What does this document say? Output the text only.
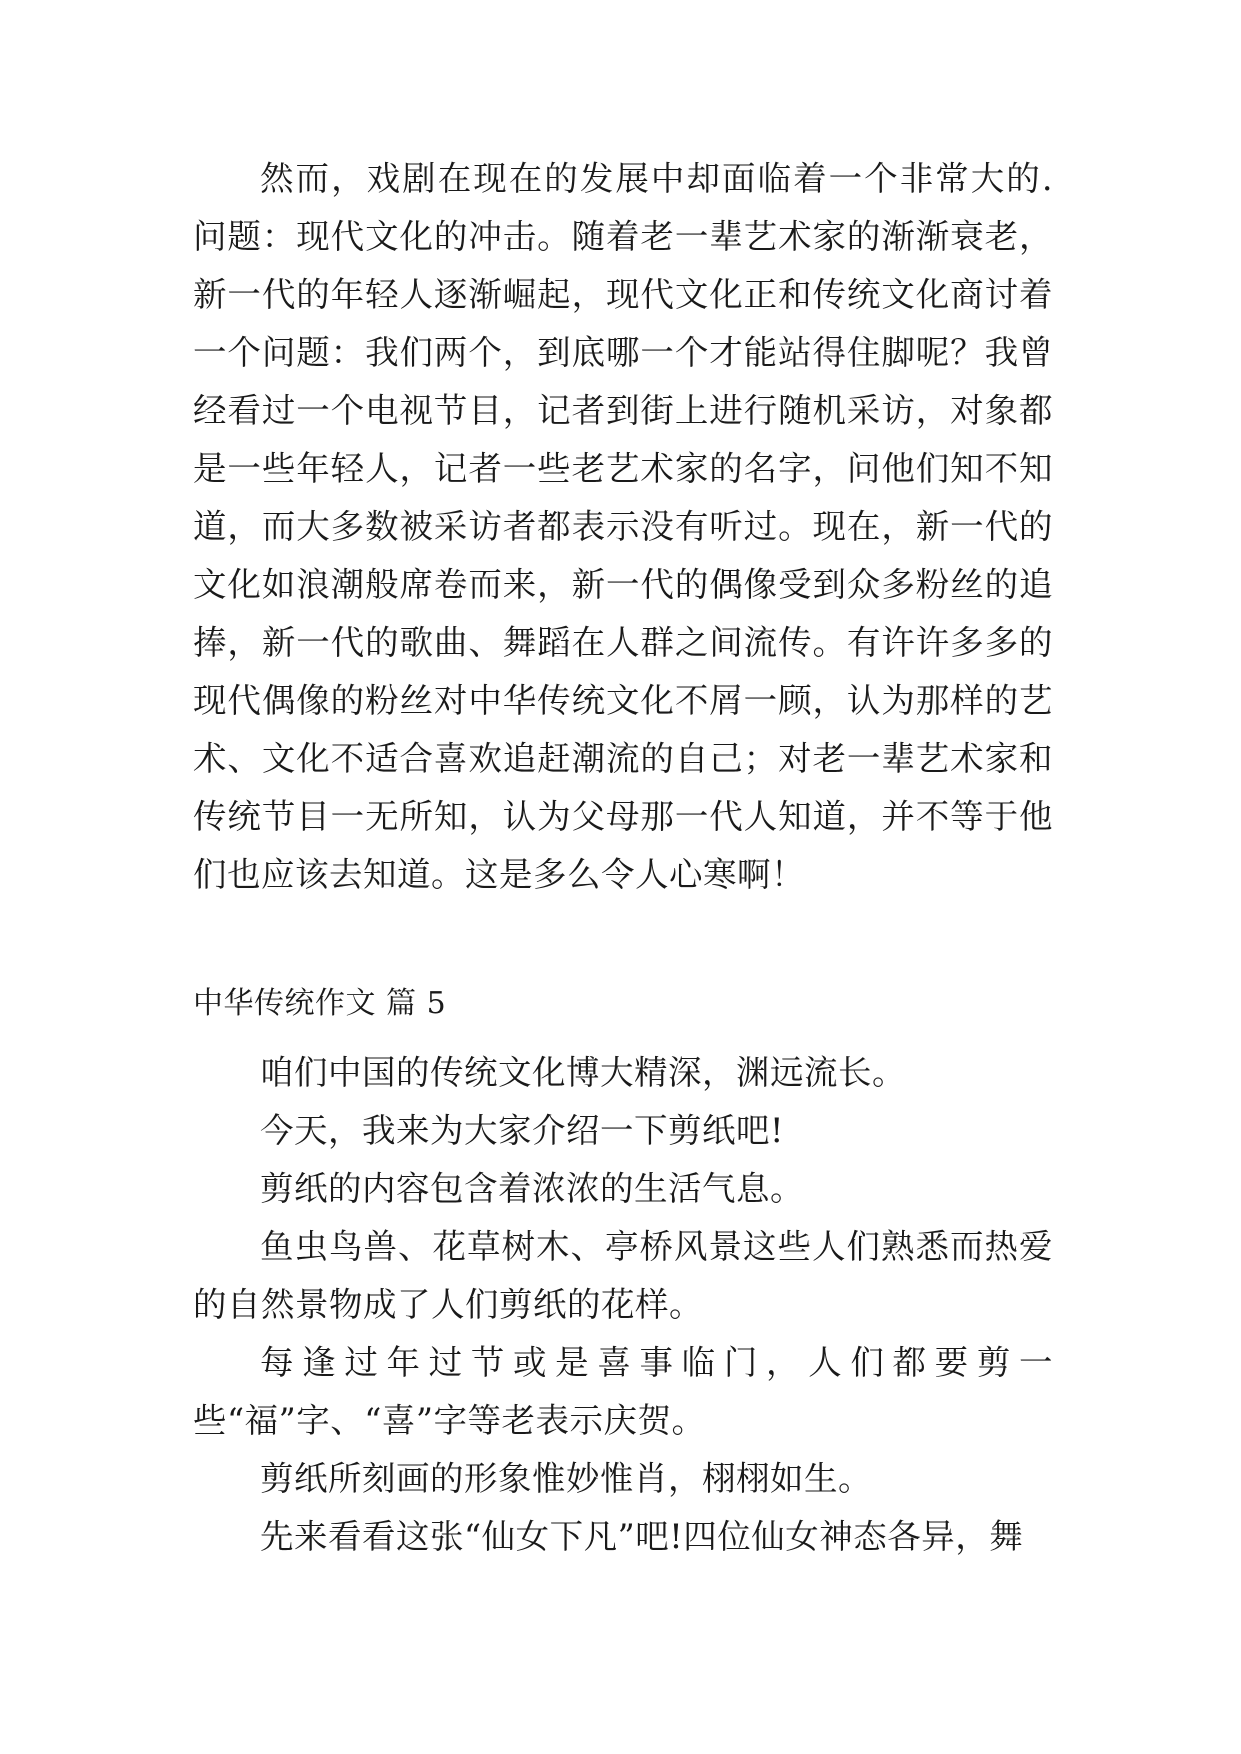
然而，戏剧在现在的发展中却面临着一个非常大的.问题：现代文化的冲击。随着老一辈艺术家的渐渐衰老，新一代的年轻人逐渐崛起，现代文化正和传统文化商讨着一个问题：我们两个，到底哪一个才能站得住脚呢？我曾经看过一个电视节目，记者到街上进行随机采访，对象都是一些年轻人，记者一些老艺术家的名字，问他们知不知道，而大多数被采访者都表示没有听过。现在，新一代的文化如浪潮般席卷而来，新一代的偶像受到众多粉丝的追捧，新一代的歌曲、舞蹈在人群之间流传。有许许多多的现代偶像的粉丝对中华传统文化不屑一顾，认为那样的艺术、文化不适合喜欢追赶潮流的自己；对老一辈艺术家和传统节目一无所知，认为父母那一代人知道，并不等于他们也应该去知道。这是多么令人心寒啊！

中华传统作文 篇 5

咱们中国的传统文化博大精深，渊远流长。

今天，我来为大家介绍一下剪纸吧!

剪纸的内容包含着浓浓的生活气息。

鱼虫鸟兽、花草树木、亭桥风景这些人们熟悉而热爱的自然景物成了人们剪纸的花样。

每逢过年过节或是喜事临门，人们都要剪一些“福”字、“喜”字等老表示庆贺。

剪纸所刻画的形象惟妙惟肖，栩栩如生。

先来看看这张“仙女下凡”吧!四位仙女神态各异，舞
